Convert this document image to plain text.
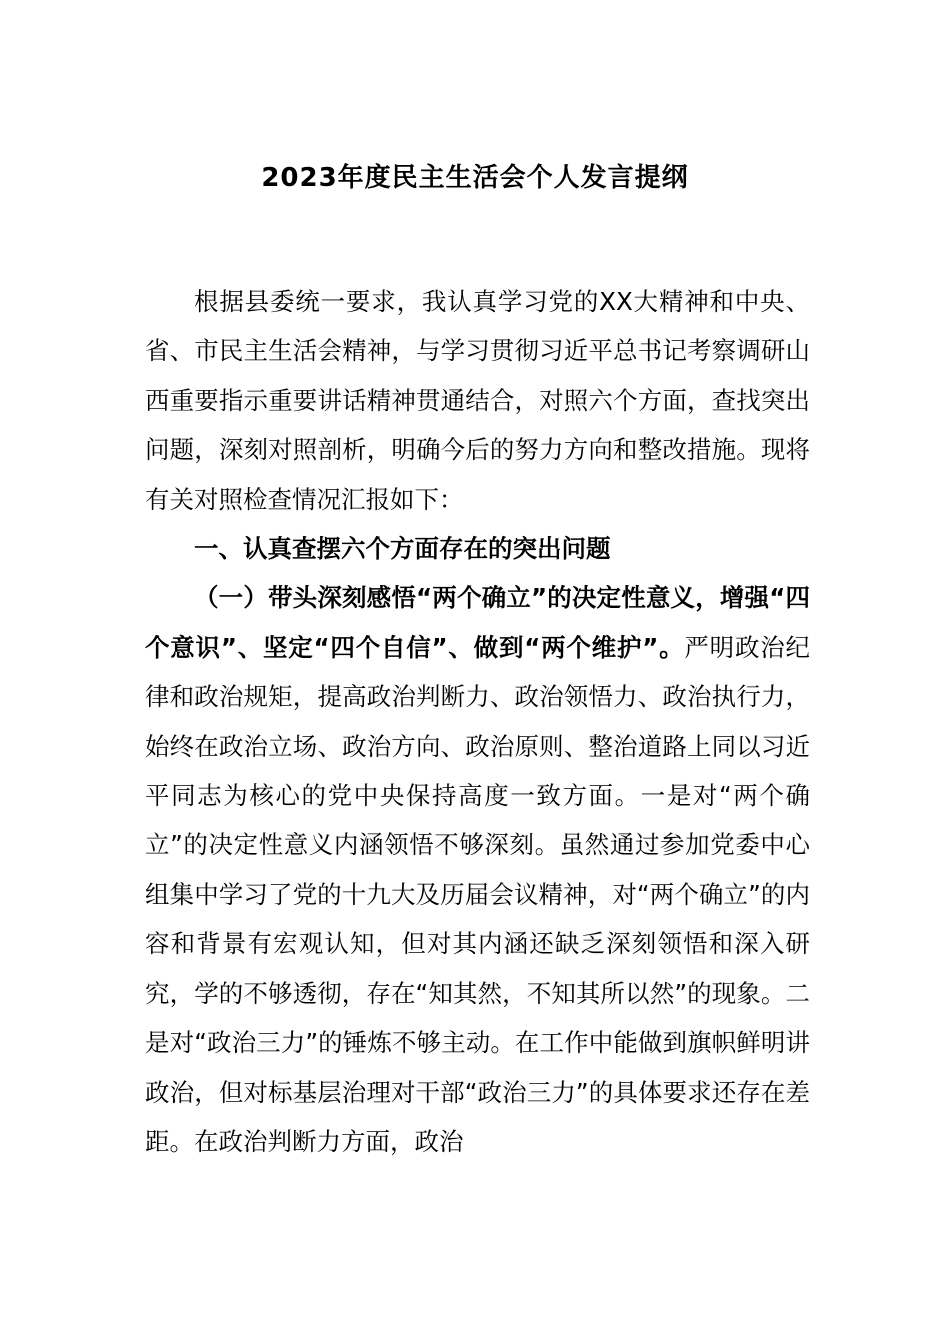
2023年度民主生活会个人发言提纲

根据县委统一要求，我认真学习党的XX大精神和中央、省、市民主生活会精神，与学习贯彻习近平总书记考察调研山西重要指示重要讲话精神贯通结合，对照六个方面，查找突出问题，深刻对照剖析，明确今后的努力方向和整改措施。现将有关对照检查情况汇报如下：

一、认真查摆六个方面存在的突出问题

（一）带头深刻感悟“两个确立”的决定性意义，增强“四个意识”、坚定“四个自信”、做到“两个维护”。严明政治纪律和政治规矩，提高政治判断力、政治领悟力、政治执行力，始终在政治立场、政治方向、政治原则、整治道路上同以习近平同志为核心的党中央保持高度一致方面。一是对“两个确立”的决定性意义内涵领悟不够深刻。虽然通过参加党委中心组集中学习了党的十九大及历届会议精神，对“两个确立”的内容和背景有宏观认知，但对其内涵还缺乏深刻领悟和深入研究，学的不够透彻，存在“知其然，不知其所以然”的现象。二是对“政治三力”的锤炼不够主动。在工作中能做到旗帜鲜明讲政治，但对标基层治理对干部“政治三力”的具体要求还存在差距。在政治判断力方面，政治
